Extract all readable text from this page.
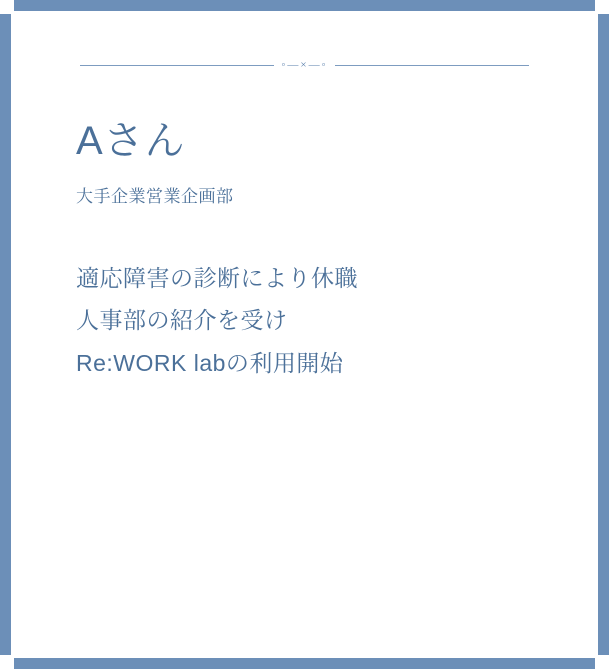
◦—×—◦
Aさん
大手企業営業企画部
適応障害の診断により休職
人事部の紹介を受け
Re:WORK labの利用開始
